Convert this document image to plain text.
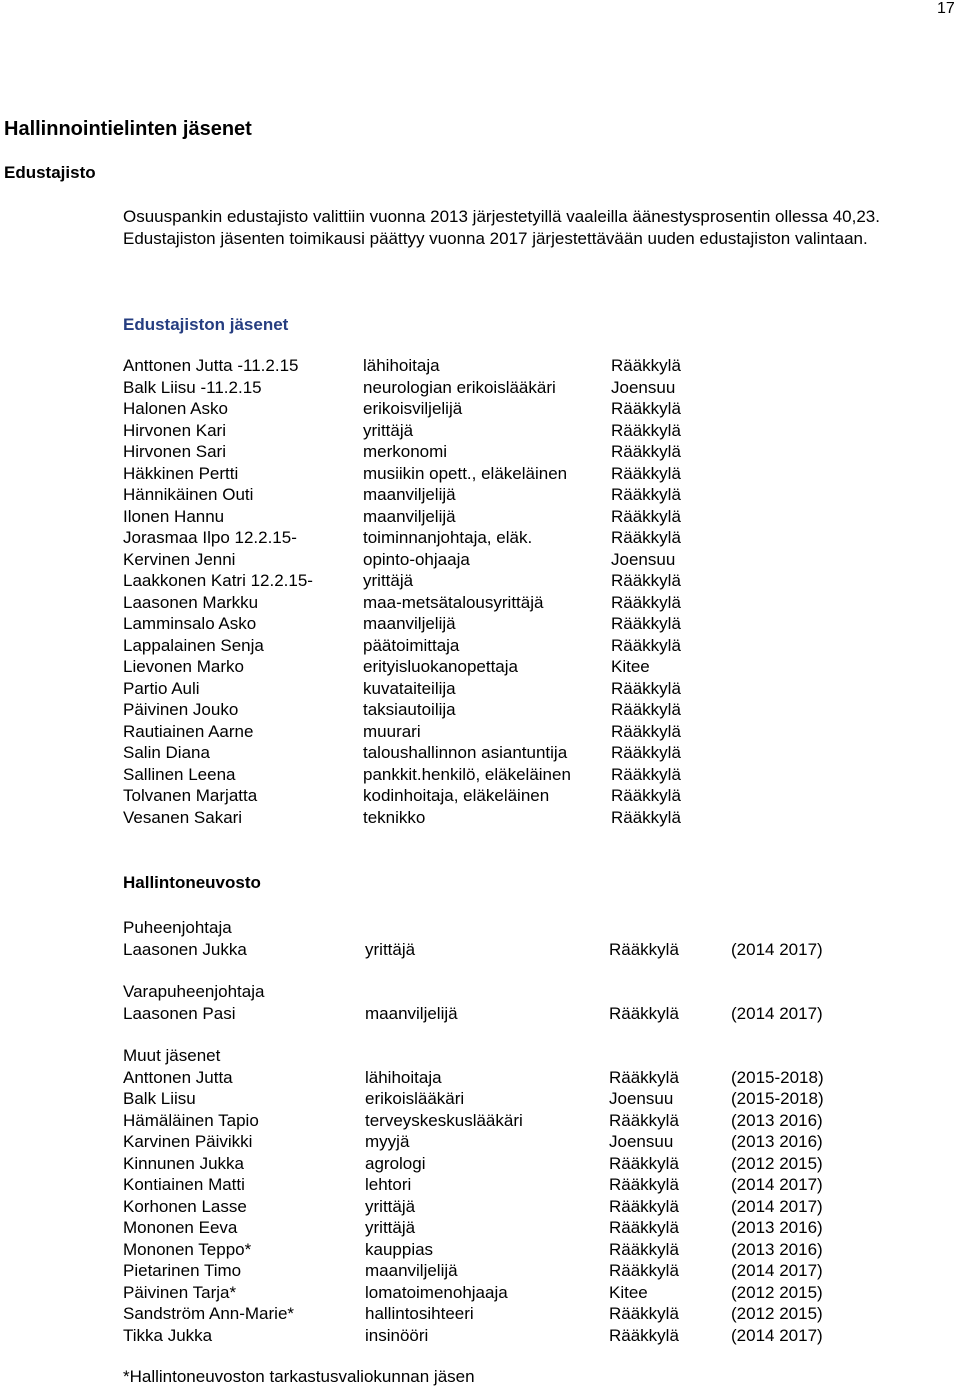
17
Hallinnointielinten jäsenet
Edustajisto
Osuuspankin edustajisto valittiin vuonna 2013 järjestetyillä vaaleilla äänestysprosentin ollessa 40,23. Edustajiston jäsenten toimikausi päättyy vuonna 2017 järjestettävään uuden edustajiston valintaan.
Edustajiston jäsenet
Anttonen Jutta -11.2.15	lähihoitaja	Rääkkylä
Balk Liisu -11.2.15	neurologian erikoislääkäri	Joensuu
Halonen Asko	erikoisviljelijä	Rääkkylä
Hirvonen Kari	yrittäjä	Rääkkylä
Hirvonen Sari	merkonomi	Rääkkylä
Häkkinen Pertti	musiikin opett., eläkeläinen	Rääkkylä
Hännikäinen Outi	maanviljelijä	Rääkkylä
Ilonen Hannu	maanviljelijä	Rääkkylä
Jorasmaa Ilpo 12.2.15-	toiminnanjohtaja, eläk.	Rääkkylä
Kervinen Jenni	opinto-ohjaaja	Joensuu
Laakkonen Katri 12.2.15-	yrittäjä	Rääkkylä
Laasonen Markku	maa-metsätalousyrittäjä	Rääkkylä
Lamminsalo Asko	maanviljelijä	Rääkkylä
Lappalainen Senja	päätoimittaja	Rääkkylä
Lievonen Marko	erityisluokanopettaja	Kitee
Partio Auli	kuvataiteilija	Rääkkylä
Päivinen Jouko	taksiautoilija	Rääkkylä
Rautiainen Aarne	muurari	Rääkkylä
Salin Diana	taloushallinnon asiantuntija	Rääkkylä
Sallinen Leena	pankkit.henkilö, eläkeläinen Rääkkylä
Tolvanen Marjatta	kodinhoitaja, eläkeläinen	Rääkkylä
Vesanen Sakari	teknikko	Rääkkylä
Hallintoneuvosto
Puheenjohtaja
Laasonen Jukka	yrittäjä	Rääkkylä	(2014 2017)
Varapuheenjohtaja
Laasonen Pasi	maanviljelijä	Rääkkylä	(2014 2017)
Muut jäsenet
Anttonen Jutta	lähihoitaja	Rääkkylä	(2015-2018)
Balk Liisu	erikoislääkäri	Joensuu	(2015-2018)
Hämäläinen Tapio	terveyskeskuslääkäri	Rääkkylä	(2013 2016)
Karvinen Päivikki	myyjä	Joensuu	(2013 2016)
Kinnunen Jukka	agrologi	Rääkkylä	(2012 2015)
Kontiainen Matti	lehtori	Rääkkylä	(2014 2017)
Korhonen Lasse	yrittäjä	Rääkkylä	(2014 2017)
Mononen Eeva	yrittäjä	Rääkkylä	(2013 2016)
Mononen Teppo*	kauppias	Rääkkylä	(2013 2016)
Pietarinen Timo	maanviljelijä	Rääkkylä	(2014 2017)
Päivinen Tarja*	lomatoimenohjaaja	Kitee	(2012 2015)
Sandström Ann-Marie*	hallintosihteeri	Rääkkylä	(2012 2015)
Tikka Jukka	insinööri	Rääkkylä	(2014 2017)
*Hallintoneuvoston tarkastusvaliokunnan jäsen
